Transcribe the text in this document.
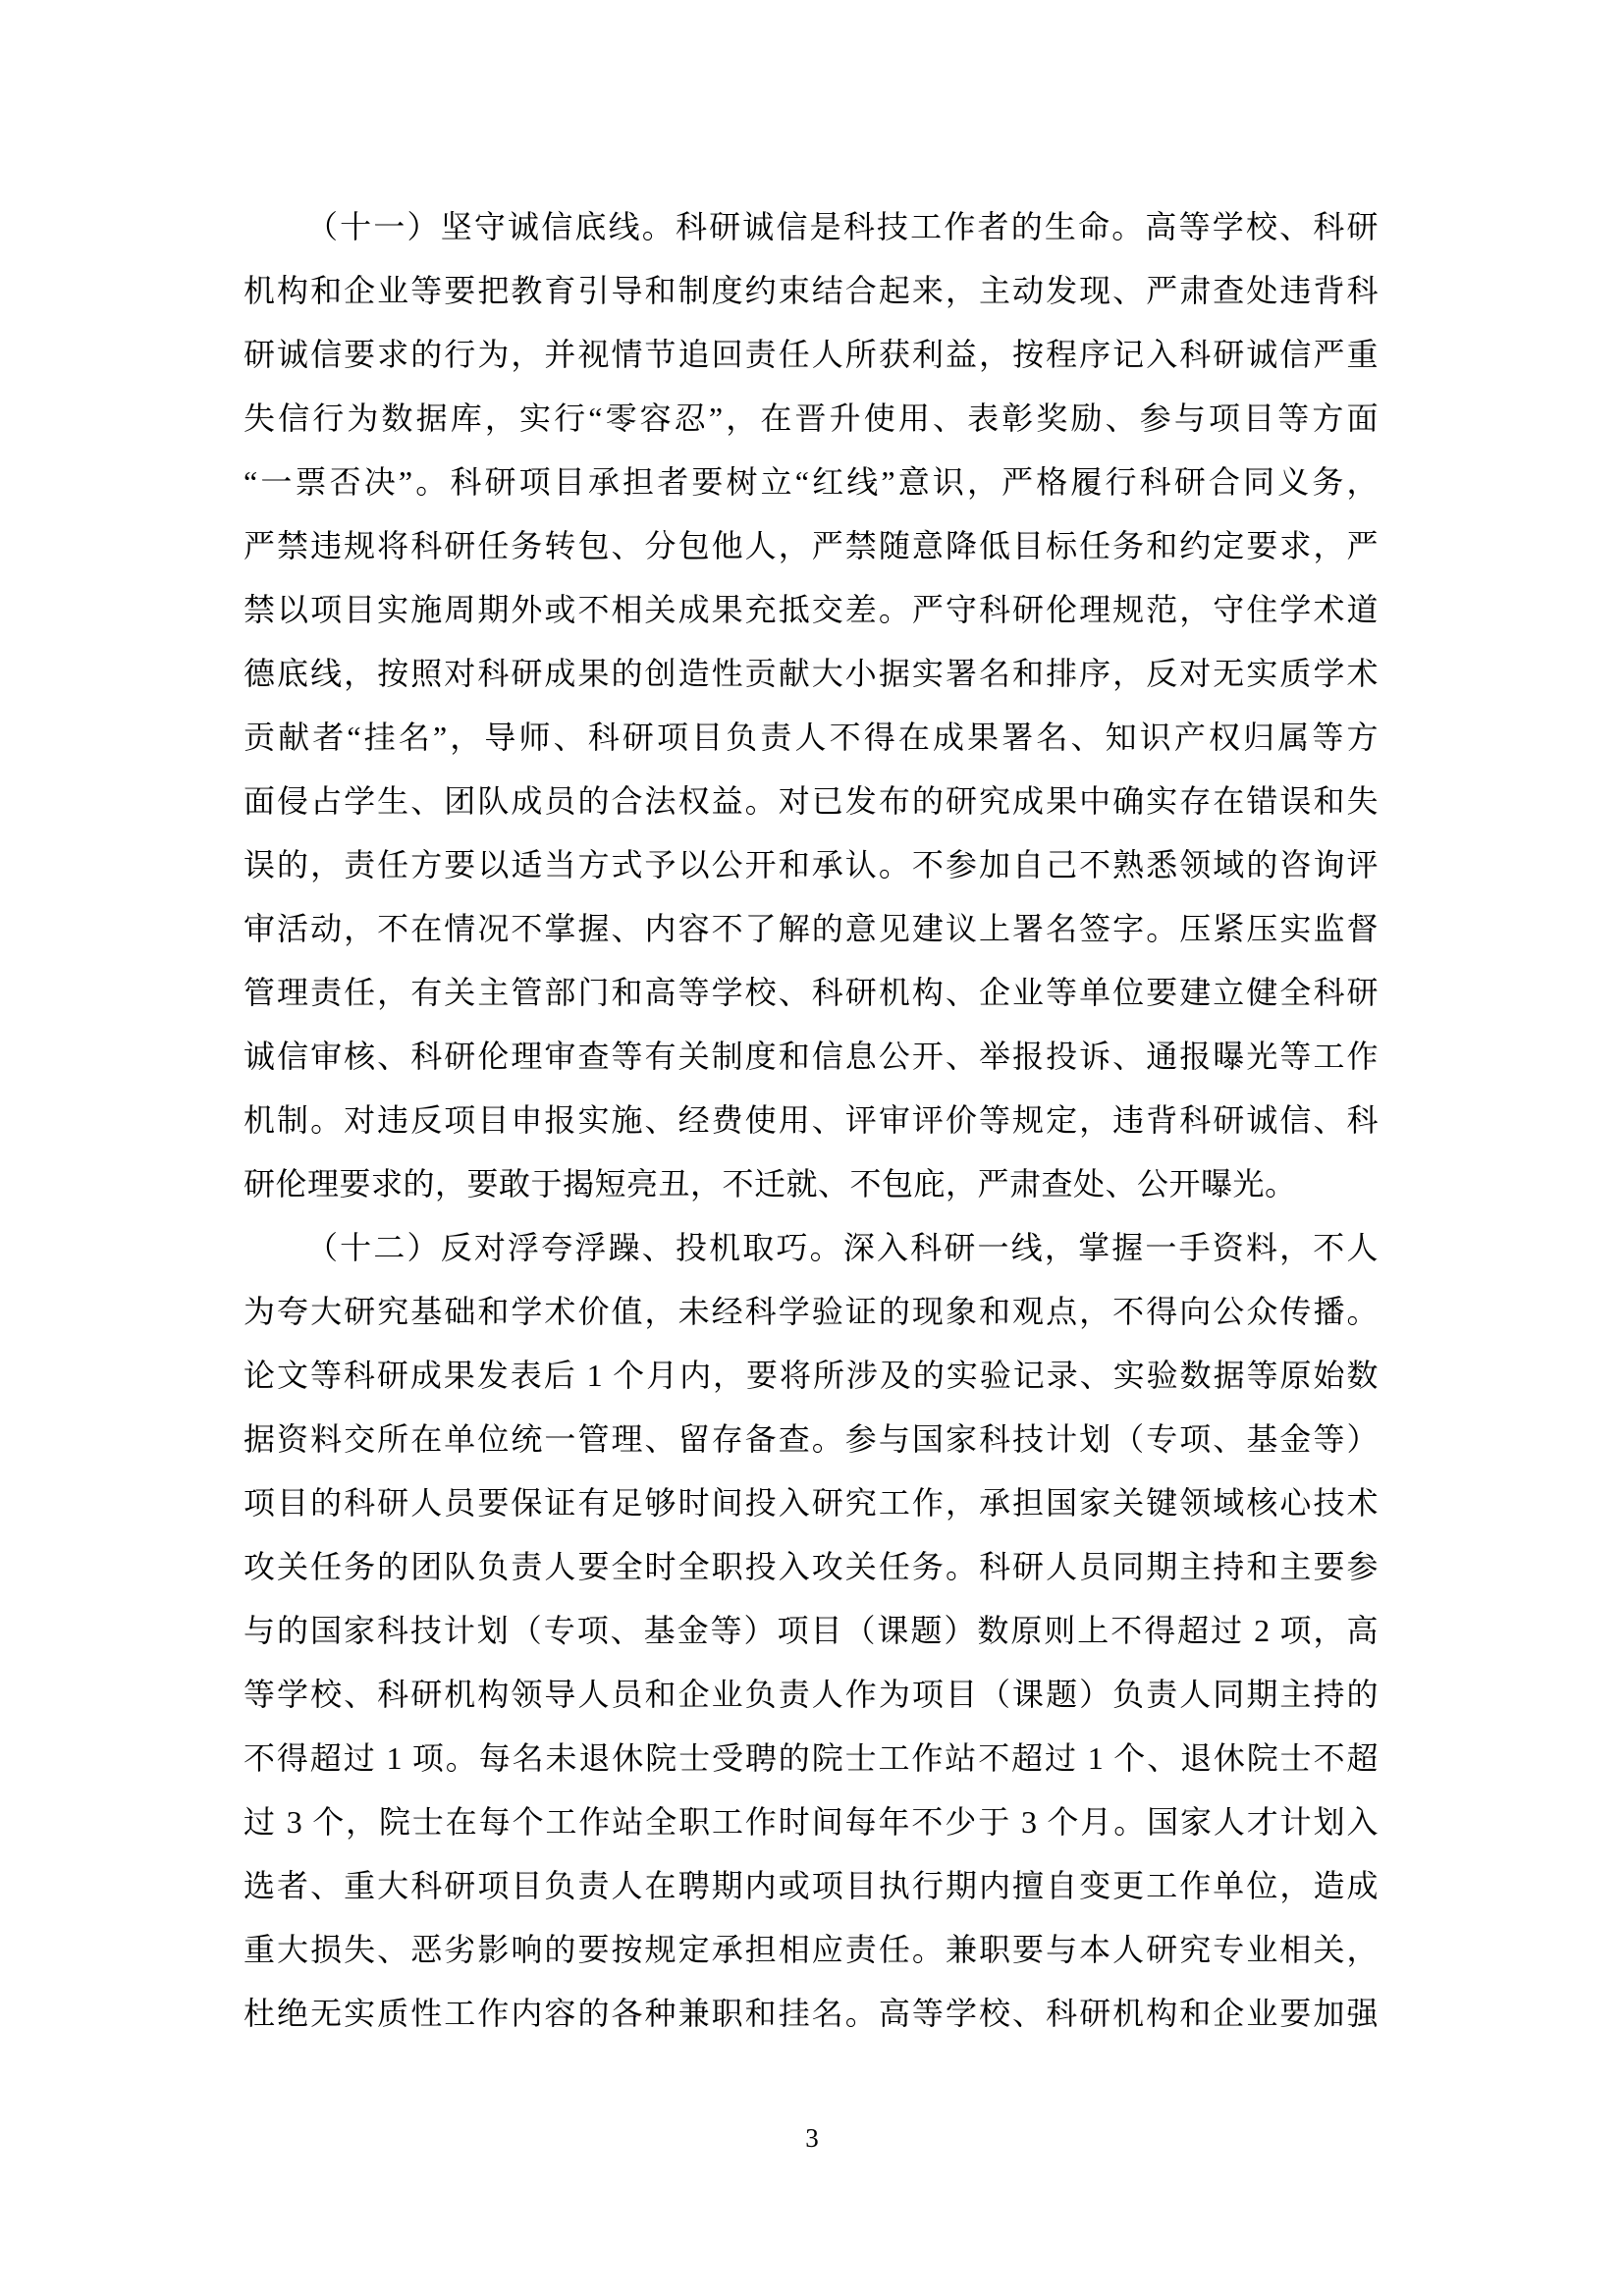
（十一）坚守诚信底线。科研诚信是科技工作者的生命。高等学校、科研
机构和企业等要把教育引导和制度约束结合起来，主动发现、严肃查处违背科
研诚信要求的行为，并视情节追回责任人所获利益，按程序记入科研诚信严重
失信行为数据库，实行“零容忍”，在晋升使用、表彰奖励、参与项目等方面
“一票否决”。科研项目承担者要树立“红线”意识，严格履行科研合同义务，
严禁违规将科研任务转包、分包他人，严禁随意降低目标任务和约定要求，严
禁以项目实施周期外或不相关成果充抵交差。严守科研伦理规范，守住学术道
德底线，按照对科研成果的创造性贡献大小据实署名和排序，反对无实质学术
贡献者“挂名”，导师、科研项目负责人不得在成果署名、知识产权归属等方
面侵占学生、团队成员的合法权益。对已发布的研究成果中确实存在错误和失
误的，责任方要以适当方式予以公开和承认。不参加自己不熟悉领域的咨询评
审活动，不在情况不掌握、内容不了解的意见建议上署名签字。压紧压实监督
管理责任，有关主管部门和高等学校、科研机构、企业等单位要建立健全科研
诚信审核、科研伦理审查等有关制度和信息公开、举报投诉、通报曝光等工作
机制。对违反项目申报实施、经费使用、评审评价等规定，违背科研诚信、科
研伦理要求的，要敢于揭短亮丑，不迁就、不包庇，严肃查处、公开曝光。
（十二）反对浮夸浮躁、投机取巧。深入科研一线，掌握一手资料，不人
为夸大研究基础和学术价值，未经科学验证的现象和观点，不得向公众传播。
论文等科研成果发表后 1 个月内，要将所涉及的实验记录、实验数据等原始数
据资料交所在单位统一管理、留存备查。参与国家科技计划（专项、基金等）
项目的科研人员要保证有足够时间投入研究工作，承担国家关键领域核心技术
攻关任务的团队负责人要全时全职投入攻关任务。科研人员同期主持和主要参
与的国家科技计划（专项、基金等）项目（课题）数原则上不得超过 2 项，高
等学校、科研机构领导人员和企业负责人作为项目（课题）负责人同期主持的
不得超过 1 项。每名未退休院士受聘的院士工作站不超过 1 个、退休院士不超
过 3 个，院士在每个工作站全职工作时间每年不少于 3 个月。国家人才计划入
选者、重大科研项目负责人在聘期内或项目执行期内擅自变更工作单位，造成
重大损失、恶劣影响的要按规定承担相应责任。兼职要与本人研究专业相关，
杜绝无实质性工作内容的各种兼职和挂名。高等学校、科研机构和企业要加强
3
